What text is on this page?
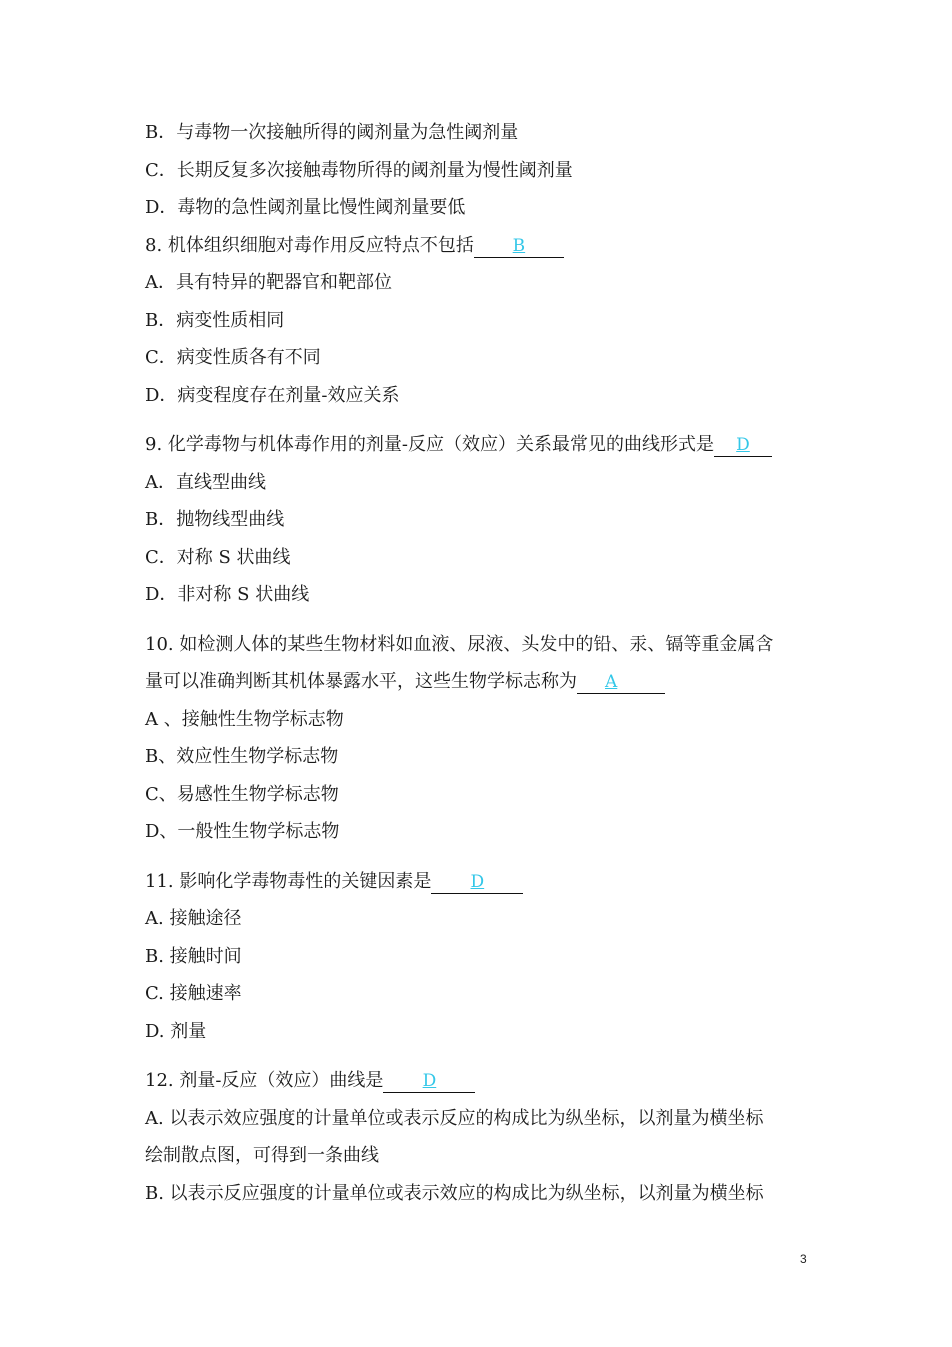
B．与毒物一次接触所得的阈剂量为急性阈剂量
C．长期反复多次接触毒物所得的阈剂量为慢性阈剂量
D．毒物的急性阈剂量比慢性阈剂量要低
8. 机体组织细胞对毒作用反应特点不包括 B
A．具有特异的靶器官和靶部位
B．病变性质相同
C．病变性质各有不同
D．病变程度存在剂量-效应关系
9. 化学毒物与机体毒作用的剂量-反应（效应）关系最常见的曲线形式是 D
A．直线型曲线
B．抛物线型曲线
C．对称 S 状曲线
D．非对称 S 状曲线
10. 如检测人体的某些生物材料如血液、尿液、头发中的铅、汞、镉等重金属含
量可以准确判断其机体暴露水平，这些生物学标志称为 A
A 、接触性生物学标志物
B、效应性生物学标志物
C、易感性生物学标志物
D、一般性生物学标志物
11. 影响化学毒物毒性的关键因素是 D
A. 接触途径
B. 接触时间
C. 接触速率
D. 剂量
12. 剂量-反应（效应）曲线是 D
A. 以表示效应强度的计量单位或表示反应的构成比为纵坐标，以剂量为横坐标
绘制散点图，可得到一条曲线
B. 以表示反应强度的计量单位或表示效应的构成比为纵坐标，以剂量为横坐标
3
